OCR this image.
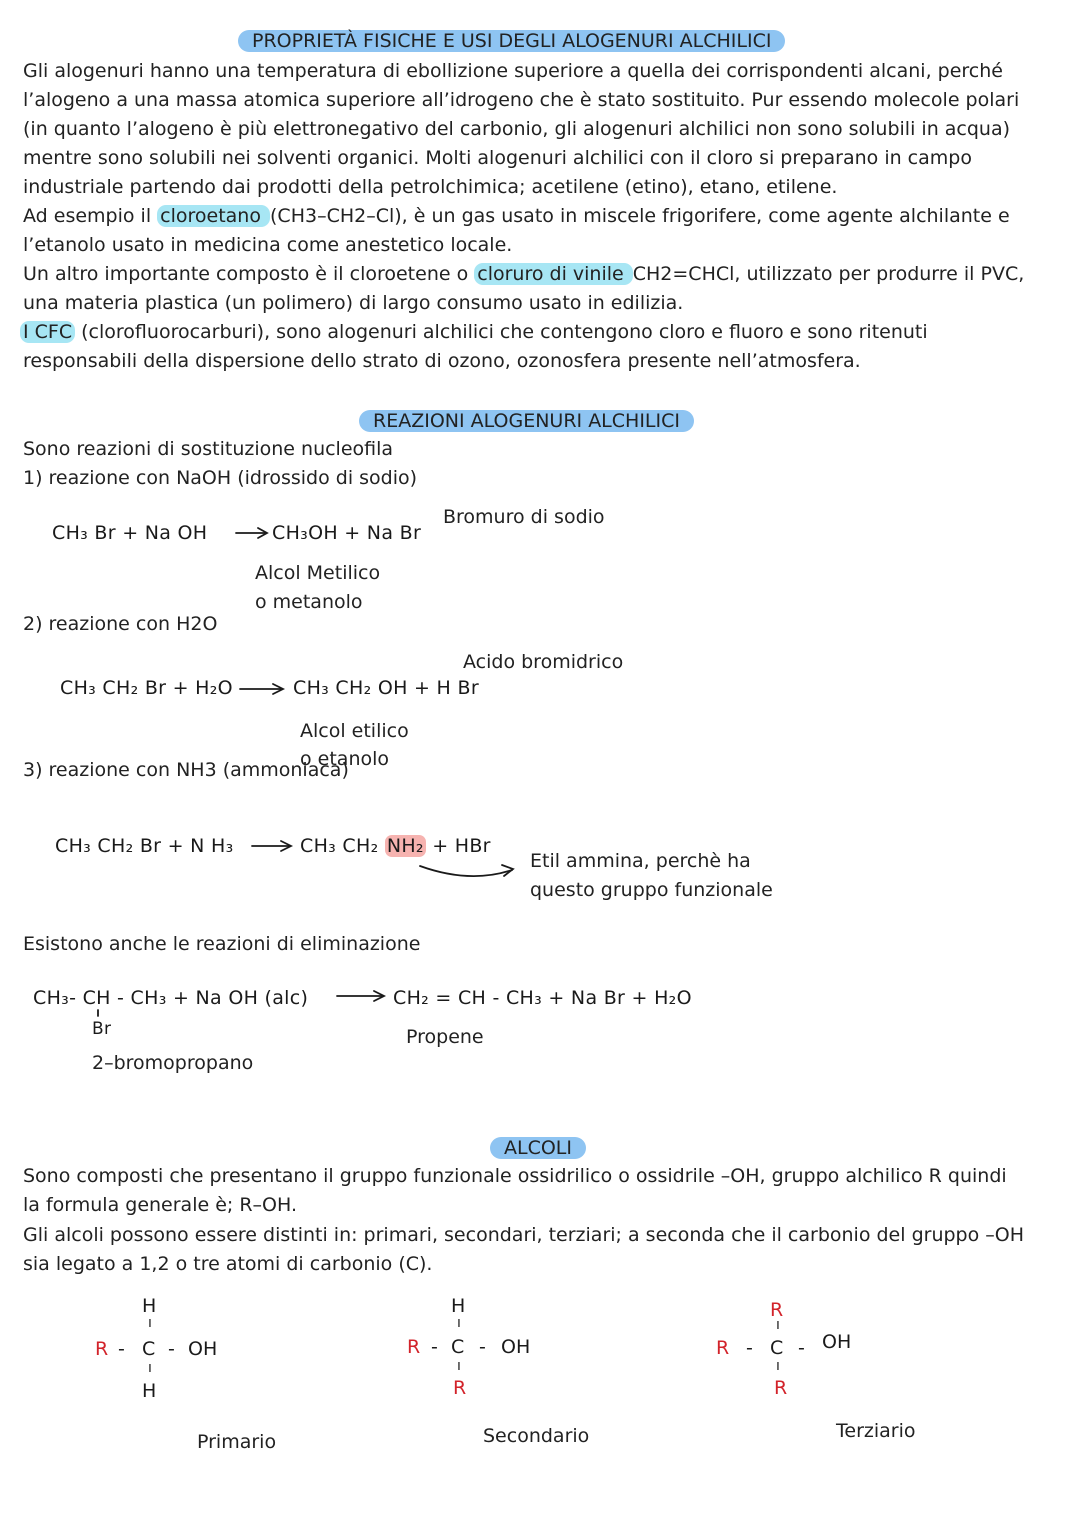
PROPRIETÀ FISICHE E USI DEGLI ALOGENURI ALCHILICI
Gli alogenuri hanno una temperatura di ebollizione superiore a quella dei corrispondenti alcani, perché
l’alogeno a una massa atomica superiore all’idrogeno che è stato sostituito. Pur essendo molecole polari
(in quanto l’alogeno è più elettronegativo del carbonio, gli alogenuri alchilici non sono solubili in acqua)
mentre sono solubili nei solventi organici. Molti alogenuri alchilici con il cloro si preparano in campo
industriale partendo dai prodotti della petrolchimica; acetilene (etino), etano, etilene.
Ad esempio il cloroetano (CH3–CH2–Cl), è un gas usato in miscele frigorifere, come agente alchilante e
l’etanolo usato in medicina come anestetico locale.
Un altro importante composto è il cloroetene o cloruro di vinile CH2=CHCl, utilizzato per produrre il PVC,
una materia plastica (un polimero) di largo consumo usato in edilizia.
I CFC (clorofluorocarburi), sono alogenuri alchilici che contengono cloro e fluoro e sono ritenuti
responsabili della dispersione dello strato di ozono, ozonosfera presente nell’atmosfera.
REAZIONI ALOGENURI ALCHILICI
Sono reazioni di sostituzione nucleofila
1) reazione con NaOH (idrossido di sodio)
CH₃ Br + Na OH	CH₃OH + Na Br
Bromuro di sodio
Alcol Metilico
o metanolo
2) reazione con H2O
Acido bromidrico
CH₃ CH₂ Br + H₂O	CH₃ CH₂ OH + H Br
Alcol etilico
o etanolo
3) reazione con NH3 (ammoniaca)
CH₃ CH₂ Br + N H₃	CH₃ CH₂ NH₂ + HBr
Etil ammina, perchè ha
questo gruppo funzionale
Esistono anche le reazioni di eliminazione
CH₃- CH - CH₃ + Na OH (alc)
Br
CH₂ = CH - CH₃ + Na Br + H₂O
Propene
2–bromopropano
ALCOLI
Sono composti che presentano il gruppo funzionale ossidrilico o ossidrile –OH, gruppo alchilico R quindi
la formula generale è; R–OH.
Gli alcoli possono essere distinti in: primari, secondari, terziari; a seconda che il carbonio del gruppo –OH
sia legato a 1,2 o tre atomi di carbonio (C).
H
ı
R - C - OH
ı
H
Primario
H
ı
R - C - OH
ı
R
Secondario
R
ı
R - C - OH
ı
R
Terziario
